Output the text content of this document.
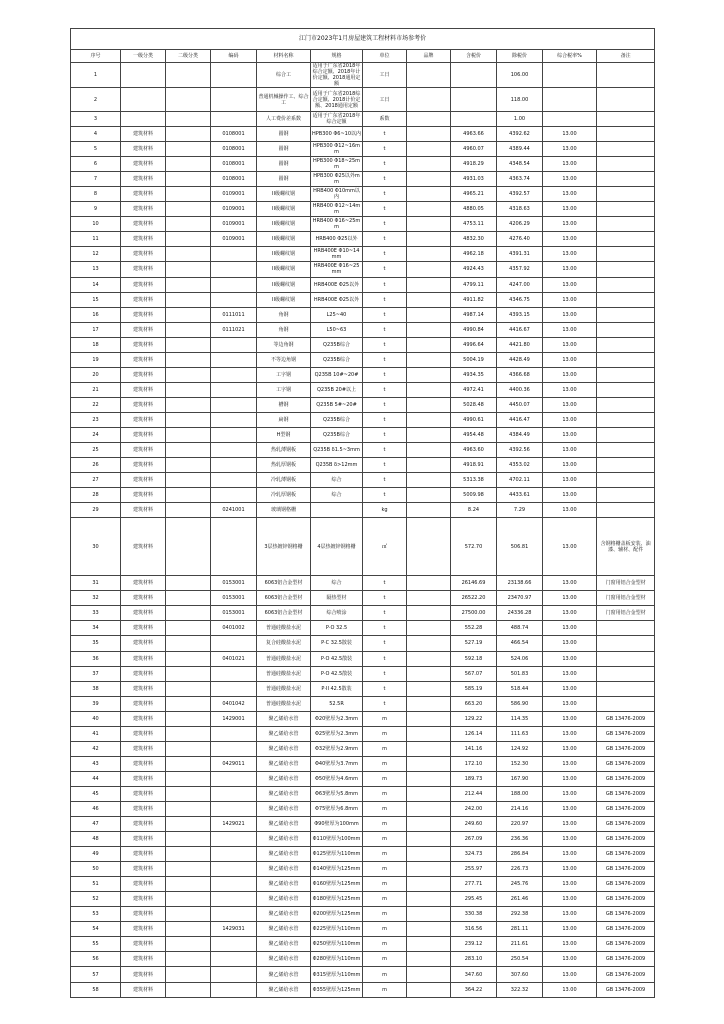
江门市2023年1月房屋建筑工程材料市场参考价											
序号	一级分类	二级分类	编码	材料名称	规格	单位	品牌	含税价	除税价	综合税率%	备注
1				综合工	适用于广东省2018年综合定额、2018年计价定额、2018通用定额	工日			106.00		
2				普通机械操作工、综合工	适用于广东省2018综合定额、2018计价定额、2018通用定额	工日			118.00		
3				人工费价差系数	适用于广东省2018年综合定额	系数			1.00		
4	建筑材料		0108001	圆钢	HPB300 Φ6~10以内	t		4963.66	4392.62	13.00	
5	建筑材料		0108001	圆钢	HPB300 Φ12~16mm	t		4960.07	4389.44	13.00	
6	建筑材料		0108001	圆钢	HPB300 Φ18~25mm	t		4918.29	4348.54	13.00	
7	建筑材料		0108001	圆钢	HPB300 Φ25以外mm	t		4931.03	4363.74	13.00	
8	建筑材料		0109001	II级螺纹钢	HRB400 Φ10mm以内	t		4965.21	4392.57	13.00	
9	建筑材料		0109001	II级螺纹钢	HRB400 Φ12~14mm	t		4880.05	4318.63	13.00	
10	建筑材料		0109001	II级螺纹钢	HRB400 Φ16~25mm	t		4753.11	4206.29	13.00	
11	建筑材料		0109001	II级螺纹钢	HRB400 Φ25以外	t		4832.30	4276.40	13.00	
12	建筑材料			II级螺纹钢	HRB400E Φ10~14mm	t		4962.18	4391.31	13.00	
13	建筑材料			II级螺纹钢	HRB400E Φ16~25mm	t		4924.43	4357.92	13.00	
14	建筑材料			II级螺纹钢	HRB400E Φ25以外	t		4799.11	4247.00	13.00	
15	建筑材料			II级螺纹钢	HRB400E Φ25以外	t		4911.82	4346.75	13.00	
16	建筑材料		0111011	角钢	L25~40	t		4987.14	4393.15	13.00	
17	建筑材料		0111021	角钢	L50~63	t		4990.84	4416.67	13.00	
18	建筑材料			等边角钢	Q235B综合	t		4996.64	4421.80	13.00	
19	建筑材料			不等边角钢	Q235B综合	t		5004.19	4428.49	13.00	
20	建筑材料			工字钢	Q235B 10#~20#	t		4934.35	4366.68	13.00	
21	建筑材料			工字钢	Q235B 20#以上	t		4972.41	4400.36	13.00	
22	建筑材料			槽钢	Q235B 5#~20#	t		5028.48	4450.07	13.00	
23	建筑材料			扁钢	Q235B综合	t		4990.61	4416.47	13.00	
24	建筑材料			H型钢	Q235B综合	t		4954.48	4384.49	13.00	
25	建筑材料			热轧薄钢板	Q235B δ1.5~3mm	t		4963.60	4392.56	13.00	
26	建筑材料			热轧厚钢板	Q235B δ>12mm	t		4918.91	4353.02	13.00	
27	建筑材料			冷轧薄钢板	综合	t		5313.38	4702.11	13.00	
28	建筑材料			冷轧厚钢板	综合	t		5009.98	4433.61	13.00	
29	建筑材料		0241001	玻璃钢格栅		kg		8.24	7.29	13.00	
30	建筑材料			3层热镀锌钢格栅	4层热镀锌钢格栅	㎡		572.70	506.81	13.00	含钢格栅盖板安装、油漆、辅材、配件
31	建筑材料		0153001	6063铝合金型材	综合	t		26146.69	23138.66	13.00	门窗用铝合金型材
32	建筑材料		0153001	6063铝合金型材	隔热型材	t		26522.20	23470.97	13.00	门窗用铝合金型材
33	建筑材料		0153001	6063铝合金型材	综合喷涂	t		27500.00	24336.28	13.00	门窗用铝合金型材
34	建筑材料		0401002	普通硅酸盐水泥	P·O 32.5	t		552.28	488.74	13.00	
35	建筑材料			复合硅酸盐水泥	P·C 32.5散装	t		527.19	466.54	13.00	
36	建筑材料		0401021	普通硅酸盐水泥	P·O 42.5散装	t		592.18	524.06	13.00	
37	建筑材料			普通硅酸盐水泥	P·O 42.5散装	t		567.07	501.83	13.00	
38	建筑材料			普通硅酸盐水泥	P·II 42.5散装	t		585.19	518.44	13.00	
39	建筑材料		0401042	普通硅酸盐水泥	52.5R	t		663.20	586.90	13.00	
40	建筑材料		1429001	聚乙烯给水管	Φ20壁厚为2.3mm	m		129.22	114.35	13.00	GB 13476-2009
41	建筑材料			聚乙烯给水管	Φ25壁厚为2.3mm	m		126.14	111.63	13.00	GB 13476-2009
42	建筑材料			聚乙烯给水管	Φ32壁厚为2.9mm	m		141.16	124.92	13.00	GB 13476-2009
43	建筑材料		0429011	聚乙烯给水管	Φ40壁厚为3.7mm	m		172.10	152.30	13.00	GB 13476-2009
44	建筑材料			聚乙烯给水管	Φ50壁厚为4.6mm	m		189.73	167.90	13.00	GB 13476-2009
45	建筑材料			聚乙烯给水管	Φ63壁厚为5.8mm	m		212.44	188.00	13.00	GB 13476-2009
46	建筑材料			聚乙烯给水管	Φ75壁厚为6.8mm	m		242.00	214.16	13.00	GB 13476-2009
47	建筑材料		1429021	聚乙烯给水管	Φ90壁厚为100mm	m		249.60	220.97	13.00	GB 13476-2009
48	建筑材料			聚乙烯给水管	Φ110壁厚为100mm	m		267.09	236.36	13.00	GB 13476-2009
49	建筑材料			聚乙烯给水管	Φ125壁厚为110mm	m		324.73	286.84	13.00	GB 13476-2009
50	建筑材料			聚乙烯给水管	Φ140壁厚为125mm	m		255.97	226.73	13.00	GB 13476-2009
51	建筑材料			聚乙烯给水管	Φ160壁厚为125mm	m		277.71	245.76	13.00	GB 13476-2009
52	建筑材料			聚乙烯给水管	Φ180壁厚为125mm	m		295.45	261.46	13.00	GB 13476-2009
53	建筑材料			聚乙烯给水管	Φ200壁厚为125mm	m		330.38	292.38	13.00	GB 13476-2009
54	建筑材料		1429031	聚乙烯给水管	Φ225壁厚为110mm	m		316.56	281.11	13.00	GB 13476-2009
55	建筑材料			聚乙烯给水管	Φ250壁厚为110mm	m		239.12	211.61	13.00	GB 13476-2009
56	建筑材料			聚乙烯给水管	Φ280壁厚为110mm	m		283.10	250.54	13.00	GB 13476-2009
57	建筑材料			聚乙烯给水管	Φ315壁厚为110mm	m		347.60	307.60	13.00	GB 13476-2009
58	建筑材料			聚乙烯给水管	Φ355壁厚为125mm	m		364.22	322.32	13.00	GB 13476-2009
